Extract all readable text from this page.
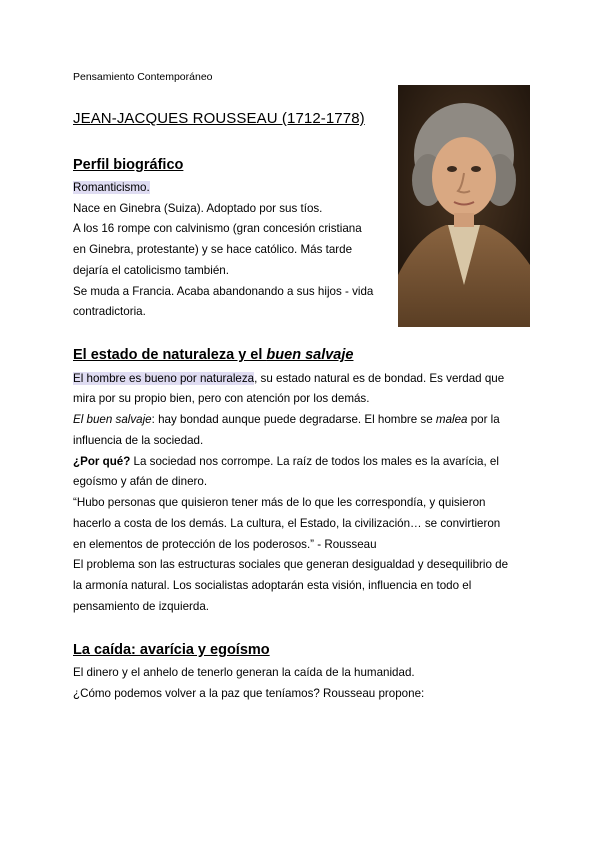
Pensamiento Contemporáneo
JEAN-JACQUES ROUSSEAU (1712-1778)
Perfil biográfico
Romanticismo.
Nace en Ginebra (Suiza). Adoptado por sus tíos.
A los 16 rompe con calvinismo (gran concesión cristiana
en Ginebra, protestante) y se hace católico. Más tarde
dejaría el catolicismo también.
Se muda a Francia. Acaba abandonando a sus hijos - vida
contradictoria.
El estado de naturaleza y el buen salvaje
El hombre es bueno por naturaleza, su estado natural es de bondad. Es verdad que
mira por su propio bien, pero con atención por los demás.
El buen salvaje: hay bondad aunque puede degradarse. El hombre se malea por la
influencia de la sociedad.
¿Por qué? La sociedad nos corrompe. La raíz de todos los males es la avarícia, el
egoísmo y afán de dinero.
“Hubo personas que quisieron tener más de lo que les correspondía, y quisieron
hacerlo a costa de los demás. La cultura, el Estado, la civilización… se convirtieron
en elementos de protección de los poderosos.” - Rousseau
El problema son las estructuras sociales que generan desigualdad y desequilibrio de
la armonía natural. Los socialistas adoptarán esta visión, influencia en todo el
pensamiento de izquierda.
La caída: avarícia y egoísmo
El dinero y el anhelo de tenerlo generan la caída de la humanidad.
¿Cómo podemos volver a la paz que teníamos? Rousseau propone:
